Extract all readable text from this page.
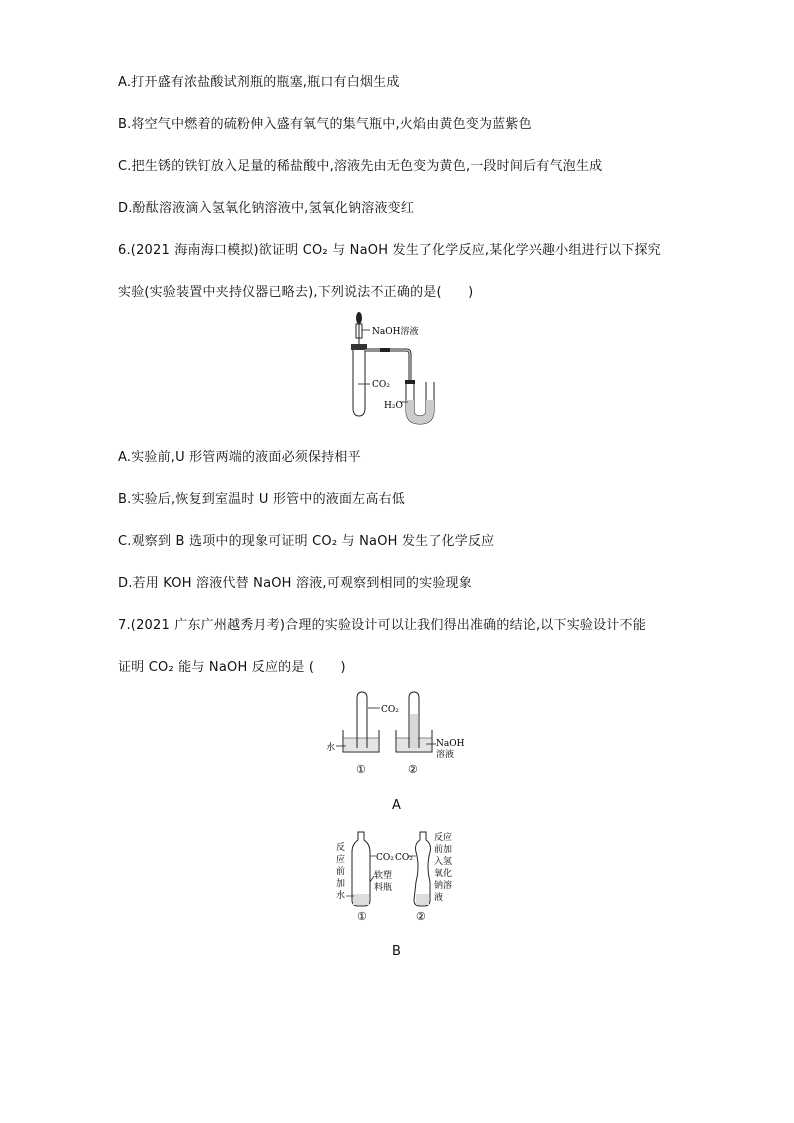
A.打开盛有浓盐酸试剂瓶的瓶塞,瓶口有白烟生成
B.将空气中燃着的硫粉伸入盛有氧气的集气瓶中,火焰由黄色变为蓝紫色
C.把生锈的铁钉放入足量的稀盐酸中,溶液先由无色变为黄色,一段时间后有气泡生成
D.酚酞溶液滴入氢氧化钠溶液中,氢氧化钠溶液变红
6.(2021 海南海口模拟)欲证明 CO₂ 与 NaOH 发生了化学反应,某化学兴趣小组进行以下探究
实验(实验装置中夹持仪器已略去),下列说法不正确的是(　　)
NaOH溶液
CO₂
H₂O
A.实验前,U 形管两端的液面必须保持相平
B.实验后,恢复到室温时 U 形管中的液面左高右低
C.观察到 B 选项中的现象可证明 CO₂ 与 NaOH 发生了化学反应
D.若用 KOH 溶液代替 NaOH 溶液,可观察到相同的实验现象
7.(2021 广东广州越秀月考)合理的实验设计可以让我们得出准确的结论,以下实验设计不能
证明 CO₂ 能与 NaOH 反应的是 (　　)
CO₂
水	NaOH
溶液
①	②
A
反
应
前
加
水
CO₂
软塑
料瓶
CO₂
反应
前加
入氢
氧化
钠溶
液
①	②
B
